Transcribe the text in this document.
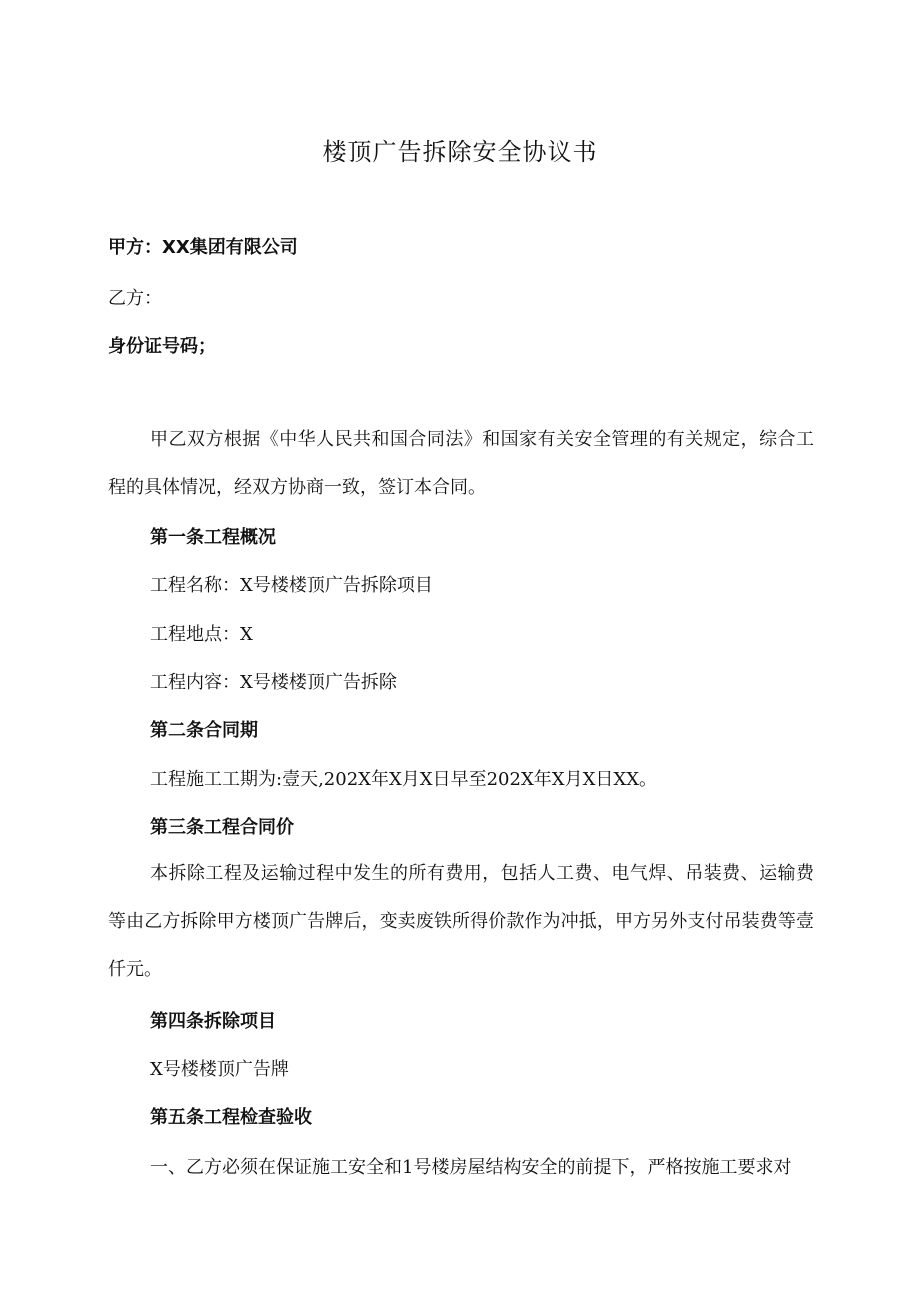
楼顶广告拆除安全协议书
甲方：XX集团有限公司
乙方：
身份证号码；
甲乙双方根据《中华人民共和国合同法》和国家有关安全管理的有关规定，综合工程的具体情况，经双方协商一致，签订本合同。
第一条工程概况
工程名称：X号楼楼顶广告拆除项目
工程地点：X
工程内容：X号楼楼顶广告拆除
第二条合同期
工程施工工期为:壹天,202X年X月X日早至202X年X月X日XX。
第三条工程合同价
本拆除工程及运输过程中发生的所有费用，包括人工费、电气焊、吊装费、运输费等由乙方拆除甲方楼顶广告牌后，变卖废铁所得价款作为冲抵，甲方另外支付吊装费等壹仟元。
第四条拆除项目
X号楼楼顶广告牌
第五条工程检查验收
一、乙方必须在保证施工安全和1号楼房屋结构安全的前提下，严格按施工要求对
